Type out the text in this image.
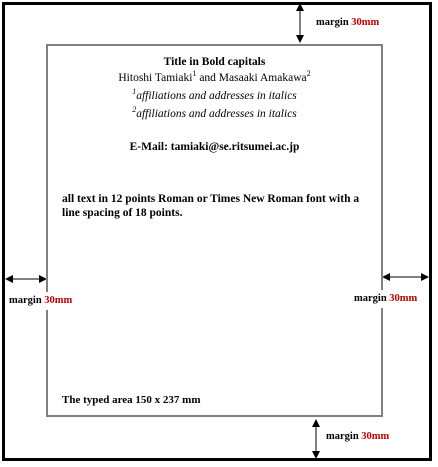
Title in Bold capitals
Hitoshi Tamiaki$^1$ and Masaaki Amakawa$^2$
$^1$affiliations and addresses in italics
$^2$affiliations and addresses in italics
E-Mail: tamiaki@se.ritsumei.ac.jp
all text in 12 points Roman or Times New Roman font with a line spacing of 18 points.
The typed area 150 x 237 mm
margin 30mm
margin 30mm	margin 30mm
margin 30mm
